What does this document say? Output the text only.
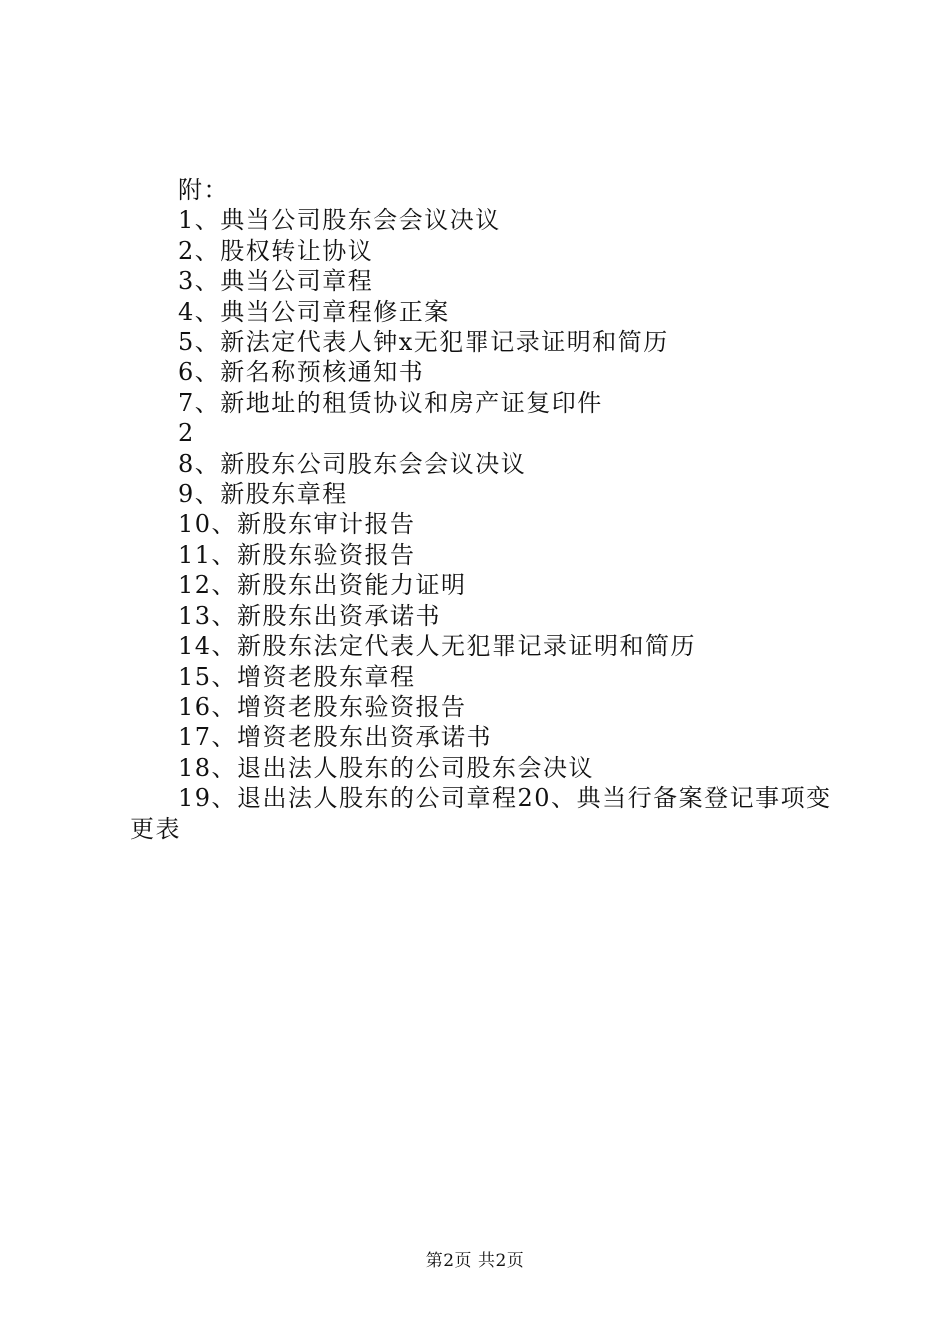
附：

1、典当公司股东会会议决议

2、股权转让协议

3、典当公司章程

4、典当公司章程修正案

5、新法定代表人钟x无犯罪记录证明和简历

6、新名称预核通知书

7、新地址的租赁协议和房产证复印件

2

8、新股东公司股东会会议决议

9、新股东章程

10、新股东审计报告

11、新股东验资报告

12、新股东出资能力证明

13、新股东出资承诺书

14、新股东法定代表人无犯罪记录证明和简历

15、增资老股东章程

16、增资老股东验资报告

17、增资老股东出资承诺书

18、退出法人股东的公司股东会决议

19、退出法人股东的公司章程20、典当行备案登记事项变更表

第2页 共2页
